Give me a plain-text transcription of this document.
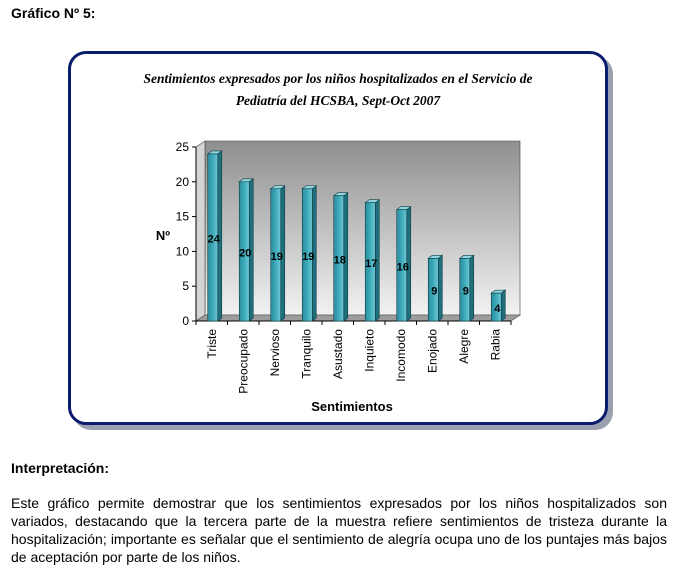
Gráfico Nº 5:
Sentimientos expresados por los niños hospitalizados en el Servicio de
Pediatría del HCSBA, Sept-Oct 2007
0
5
10
15
20
25
24
Triste
20
Preocupado
19
Nervioso
19
Tranquilo
18
Asustado
17
Inquieto
16
Incomodo
9
Enojado
9
Alegre
4
Rabia
Nº
Sentimientos
Interpretación:
Este gráfico permite demostrar que los sentimientos expresados por los niños hospitalizados son variados, destacando que la tercera parte de la muestra refiere sentimientos de tristeza durante la hospitalización; importante es señalar que el sentimiento de alegría ocupa uno de los puntajes más bajos de aceptación por parte de los niños.
